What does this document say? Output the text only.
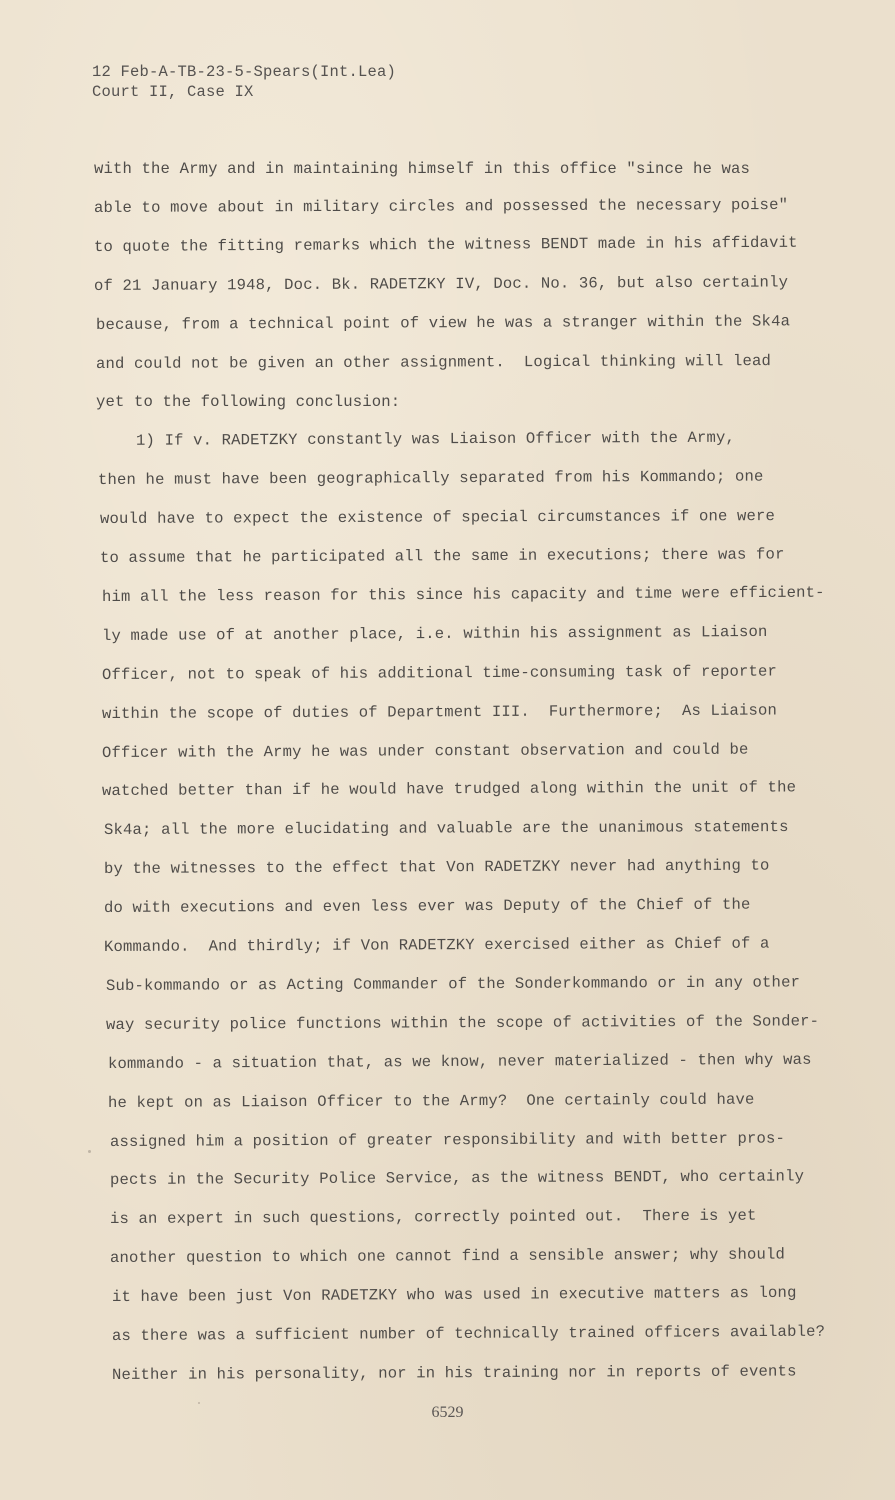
12 Feb-A-TB-23-5-Spears(Int.Lea)
Court II, Case IX
with the Army and in maintaining himself in this office "since he was
able to move about in military circles and possessed the necessary poise"
to quote the fitting remarks which the witness BENDT made in his affidavit
of 21 January 1948, Doc. Bk. RADETZKY IV, Doc. No. 36, but also certainly
because, from a technical point of view he was a stranger within the Sk4a
and could not be given an other assignment.  Logical thinking will lead
yet to the following conclusion:
1) If v. RADETZKY constantly was Liaison Officer with the Army,
then he must have been geographically separated from his Kommando; one
would have to expect the existence of special circumstances if one were
to assume that he participated all the same in executions; there was for
him all the less reason for this since his capacity and time were efficient-
ly made use of at another place, i.e. within his assignment as Liaison
Officer, not to speak of his additional time-consuming task of reporter
within the scope of duties of Department III.  Furthermore;  As Liaison
Officer with the Army he was under constant observation and could be
watched better than if he would have trudged along within the unit of the
Sk4a; all the more elucidating and valuable are the unanimous statements
by the witnesses to the effect that Von RADETZKY never had anything to
do with executions and even less ever was Deputy of the Chief of the
Kommando.  And thirdly; if Von RADETZKY exercised either as Chief of a
Sub-kommando or as Acting Commander of the Sonderkommando or in any other
way security police functions within the scope of activities of the Sonder-
kommando - a situation that, as we know, never materialized - then why was
he kept on as Liaison Officer to the Army?  One certainly could have
assigned him a position of greater responsibility and with better pros-
pects in the Security Police Service, as the witness BENDT, who certainly
is an expert in such questions, correctly pointed out.  There is yet
another question to which one cannot find a sensible answer; why should
it have been just Von RADETZKY who was used in executive matters as long
as there was a sufficient number of technically trained officers available?
Neither in his personality, nor in his training nor in reports of events
6529
